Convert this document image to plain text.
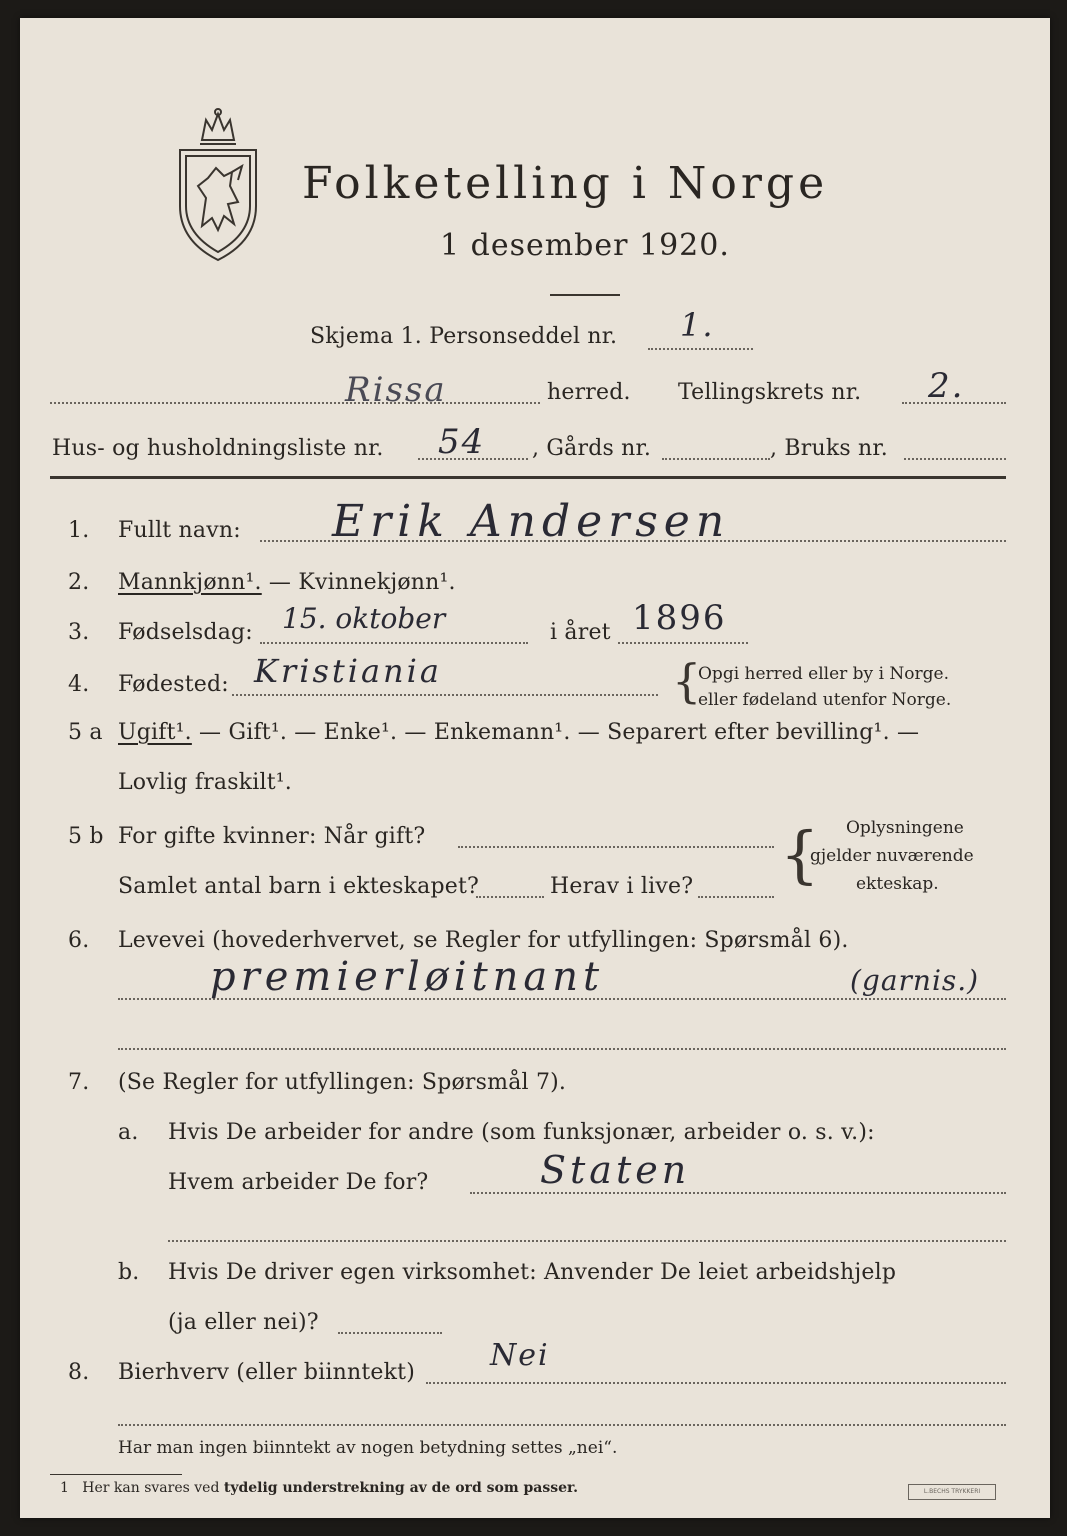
Folketelling i Norge
1 desember 1920.
Skjema 1. Personseddel nr. 1.
Rissa	herred. Tellingskrets nr. 2.
Hus- og husholdningsliste nr. 54 , Gårds nr.	, Bruks nr.
1. Fullt navn: Erik Andersen
2. Mannkjønn¹. — Kvinnekjønn¹.
3. Fødselsdag: 15. oktober	i året 1896
4. Fødested: Kristiania	{
Opgi herred eller by i Norge.
eller fødeland utenfor Norge.
5 a Ugift¹. — Gift¹. — Enke¹. — Enkemann¹. — Separert efter bevilling¹. —
Lovlig fraskilt¹.
5 b For gifte kvinner: Når gift?
Samlet antal barn i ekteskapet?	Herav i live? { Oplysningene
gjelder nuværende
ekteskap.
6. Levevei (hovederhvervet, se Regler for utfyllingen: Spørsmål 6).
premierløitnant	(garnis.)
7. (Se Regler for utfyllingen: Spørsmål 7).
a. Hvis De arbeider for andre (som funksjonær, arbeider o. s. v.):
Hvem arbeider De for?	Staten
b. Hvis De driver egen virksomhet: Anvender De leiet arbeidshjelp
(ja eller nei)?
8. Bierhverv (eller biinntekt) Nei
Har man ingen biinntekt av nogen betydning settes „nei“.
1 Her kan svares ved tydelig understrekning av de ord som passer.	L.BECHS TRYKKERI
